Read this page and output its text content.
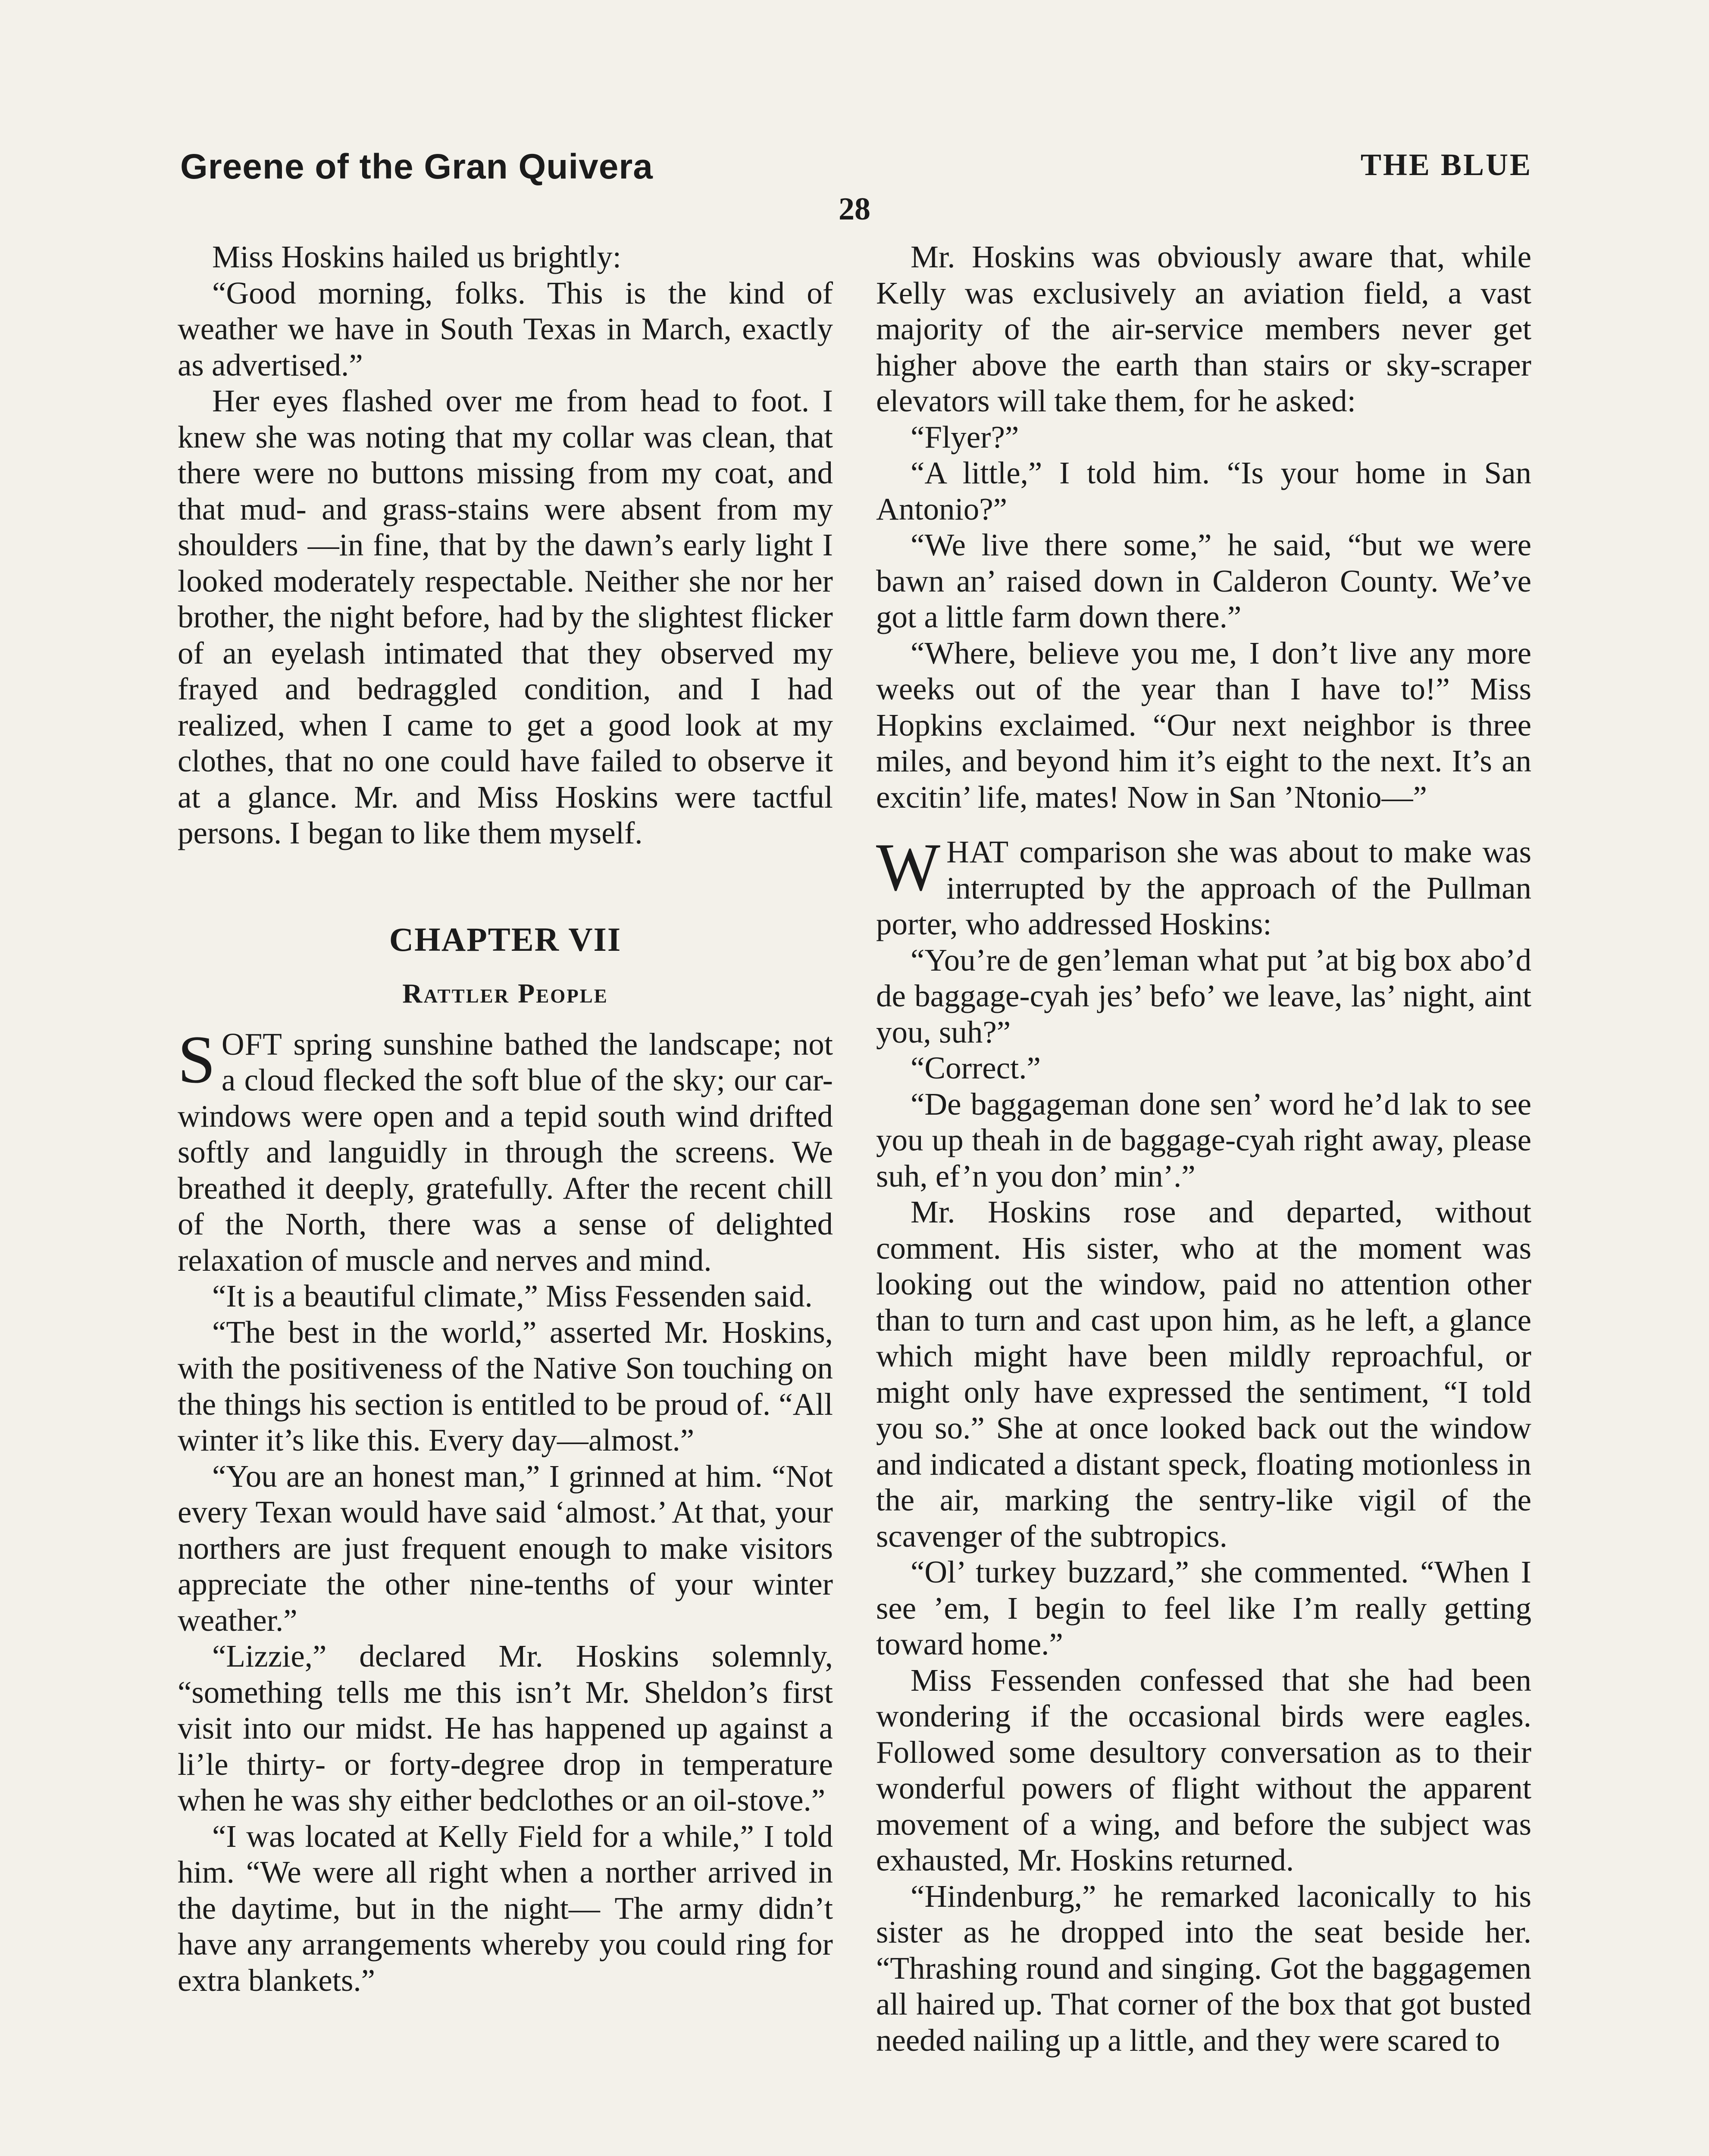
Greene of the Gran Quivera	THE BLUE
28

Miss Hoskins hailed us brightly:

“Good morning, folks. This is the kind of weather we have in South Texas in March, exactly as advertised.”

Her eyes flashed over me from head to foot. I knew she was noting that my collar was clean, that there were no buttons missing from my coat, and that mud- and grass-stains were absent from my shoulders —in fine, that by the dawn’s early light I looked moderately respectable. Neither she nor her brother, the night before, had by the slightest flicker of an eyelash intimated that they observed my frayed and bedraggled condition, and I had realized, when I came to get a good look at my clothes, that no one could have failed to observe it at a glance. Mr. and Miss Hoskins were tactful persons. I began to like them myself.

CHAPTER VII
Rattler People

SOFT spring sunshine bathed the landscape; not a cloud flecked the soft blue of the sky; our car-windows were open and a tepid south wind drifted softly and languidly in through the screens. We breathed it deeply, gratefully. After the recent chill of the North, there was a sense of delighted relaxation of muscle and nerves and mind.

“It is a beautiful climate,” Miss Fessenden said.

“The best in the world,” asserted Mr. Hoskins, with the positiveness of the Native Son touching on the things his section is entitled to be proud of. “All winter it’s like this. Every day—almost.”

“You are an honest man,” I grinned at him. “Not every Texan would have said ‘almost.’ At that, your northers are just frequent enough to make visitors appreciate the other nine-tenths of your winter weather.”

“Lizzie,” declared Mr. Hoskins solemnly, “something tells me this isn’t Mr. Sheldon’s first visit into our midst. He has happened up against a li’le thirty- or forty-degree drop in temperature when he was shy either bedclothes or an oil-stove.”

“I was located at Kelly Field for a while,” I told him. “We were all right when a norther arrived in the daytime, but in the night— The army didn’t have any arrangements whereby you could ring for extra blankets.”

Mr. Hoskins was obviously aware that, while Kelly was exclusively an aviation field, a vast majority of the air-service members never get higher above the earth than stairs or sky-scraper elevators will take them, for he asked:

“Flyer?”

“A little,” I told him. “Is your home in San Antonio?”

“We live there some,” he said, “but we were bawn an’ raised down in Calderon County. We’ve got a little farm down there.”

“Where, believe you me, I don’t live any more weeks out of the year than I have to!” Miss Hopkins exclaimed. “Our next neighbor is three miles, and beyond him it’s eight to the next. It’s an excitin’ life, mates! Now in San ’Ntonio—”

WHAT comparison she was about to make was interrupted by the approach of the Pullman porter, who addressed Hoskins:

“You’re de gen’leman what put ’at big box abo’d de baggage-cyah jes’ befo’ we leave, las’ night, aint you, suh?”

“Correct.”

“De baggageman done sen’ word he’d lak to see you up theah in de baggage-cyah right away, please suh, ef’n you don’ min’.”

Mr. Hoskins rose and departed, without comment. His sister, who at the moment was looking out the window, paid no attention other than to turn and cast upon him, as he left, a glance which might have been mildly reproachful, or might only have expressed the sentiment, “I told you so.” She at once looked back out the window and indicated a distant speck, floating motionless in the air, marking the sentry-like vigil of the scavenger of the subtropics.

“Ol’ turkey buzzard,” she commented. “When I see ’em, I begin to feel like I’m really getting toward home.”

Miss Fessenden confessed that she had been wondering if the occasional birds were eagles. Followed some desultory conversation as to their wonderful powers of flight without the apparent movement of a wing, and before the subject was exhausted, Mr. Hoskins returned.

“Hindenburg,” he remarked laconically to his sister as he dropped into the seat beside her. “Thrashing round and singing. Got the baggagemen all haired up. That corner of the box that got busted needed nailing up a little, and they were scared to
